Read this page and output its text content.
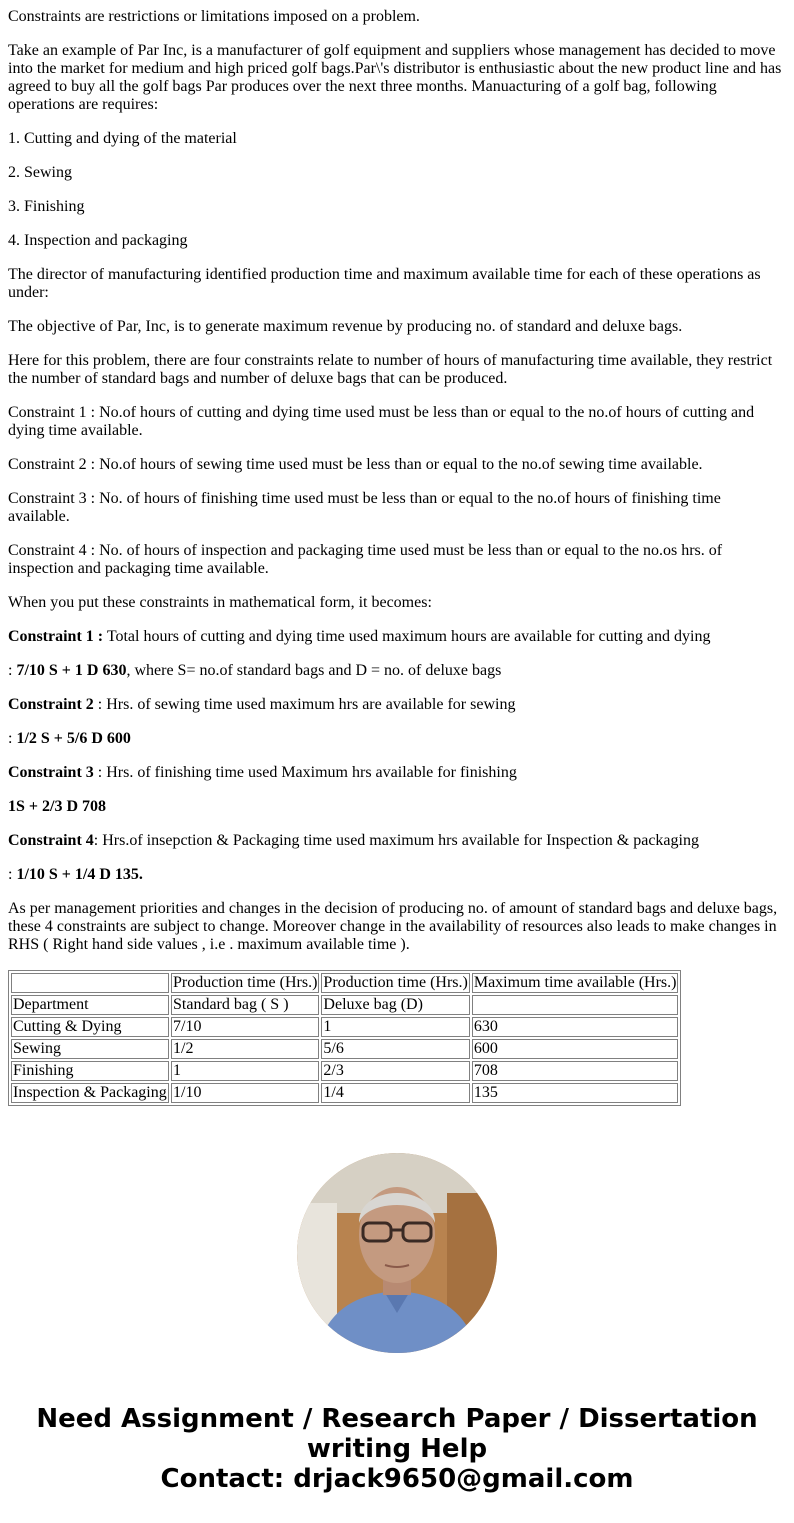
Constraints are restrictions or limitations imposed on a problem.

Take an example of Par Inc, is a manufacturer of golf equipment and suppliers whose management has decided to move into the market for medium and high priced golf bags.Par\'s distributor is enthusiastic about the new product line and has agreed to buy all the golf bags Par produces over the next three months. Manuacturing of a golf bag, following operations are requires:

1. Cutting and dying of the material

2. Sewing

3. Finishing

4. Inspection and packaging

The director of manufacturing identified production time and maximum available time for each of these operations as under:

The objective of Par, Inc, is to generate maximum revenue by producing no. of standard and deluxe bags.

Here for this problem, there are four constraints relate to number of hours of manufacturing time available, they restrict the number of standard bags and number of deluxe bags that can be produced.

Constraint 1 : No.of hours of cutting and dying time used must be less than or equal to the no.of hours of cutting and dying time available.

Constraint 2 : No.of hours of sewing time used must be less than or equal to the no.of sewing time available.

Constraint 3 : No. of hours of finishing time used must be less than or equal to the no.of hours of finishing time available.

Constraint 4 : No. of hours of inspection and packaging time used must be less than or equal to the no.os hrs. of inspection and packaging time available.

When you put these constraints in mathematical form, it becomes:

Constraint 1 : Total hours of cutting and dying time used maximum hours are available for cutting and dying

: 7/10 S + 1 D 630, where S= no.of standard bags and D = no. of deluxe bags

Constraint 2 : Hrs. of sewing time used maximum hrs are available for sewing

: 1/2 S + 5/6 D 600

Constraint 3 : Hrs. of finishing time used Maximum hrs available for finishing

1S + 2/3 D 708

Constraint 4: Hrs.of insepction & Packaging time used maximum hrs available for Inspection & packaging

: 1/10 S + 1/4 D 135.

As per management priorities and changes in the decision of producing no. of amount of standard bags and deluxe bags, these 4 constraints are subject to change. Moreover change in the availability of resources also leads to make changes in RHS ( Right hand side values , i.e . maximum available time ).

	Production time (Hrs.)	Production time (Hrs.)	Maximum time available (Hrs.)
Department	Standard bag ( S )	Deluxe bag (D)	
Cutting & Dying	7/10	1	630
Sewing	1/2	5/6	600
Finishing	1	2/3	708
Inspection & Packaging	1/10	1/4	135
Need Assignment / Research Paper / Dissertation
writing Help
Contact: drjack9650@gmail.com
